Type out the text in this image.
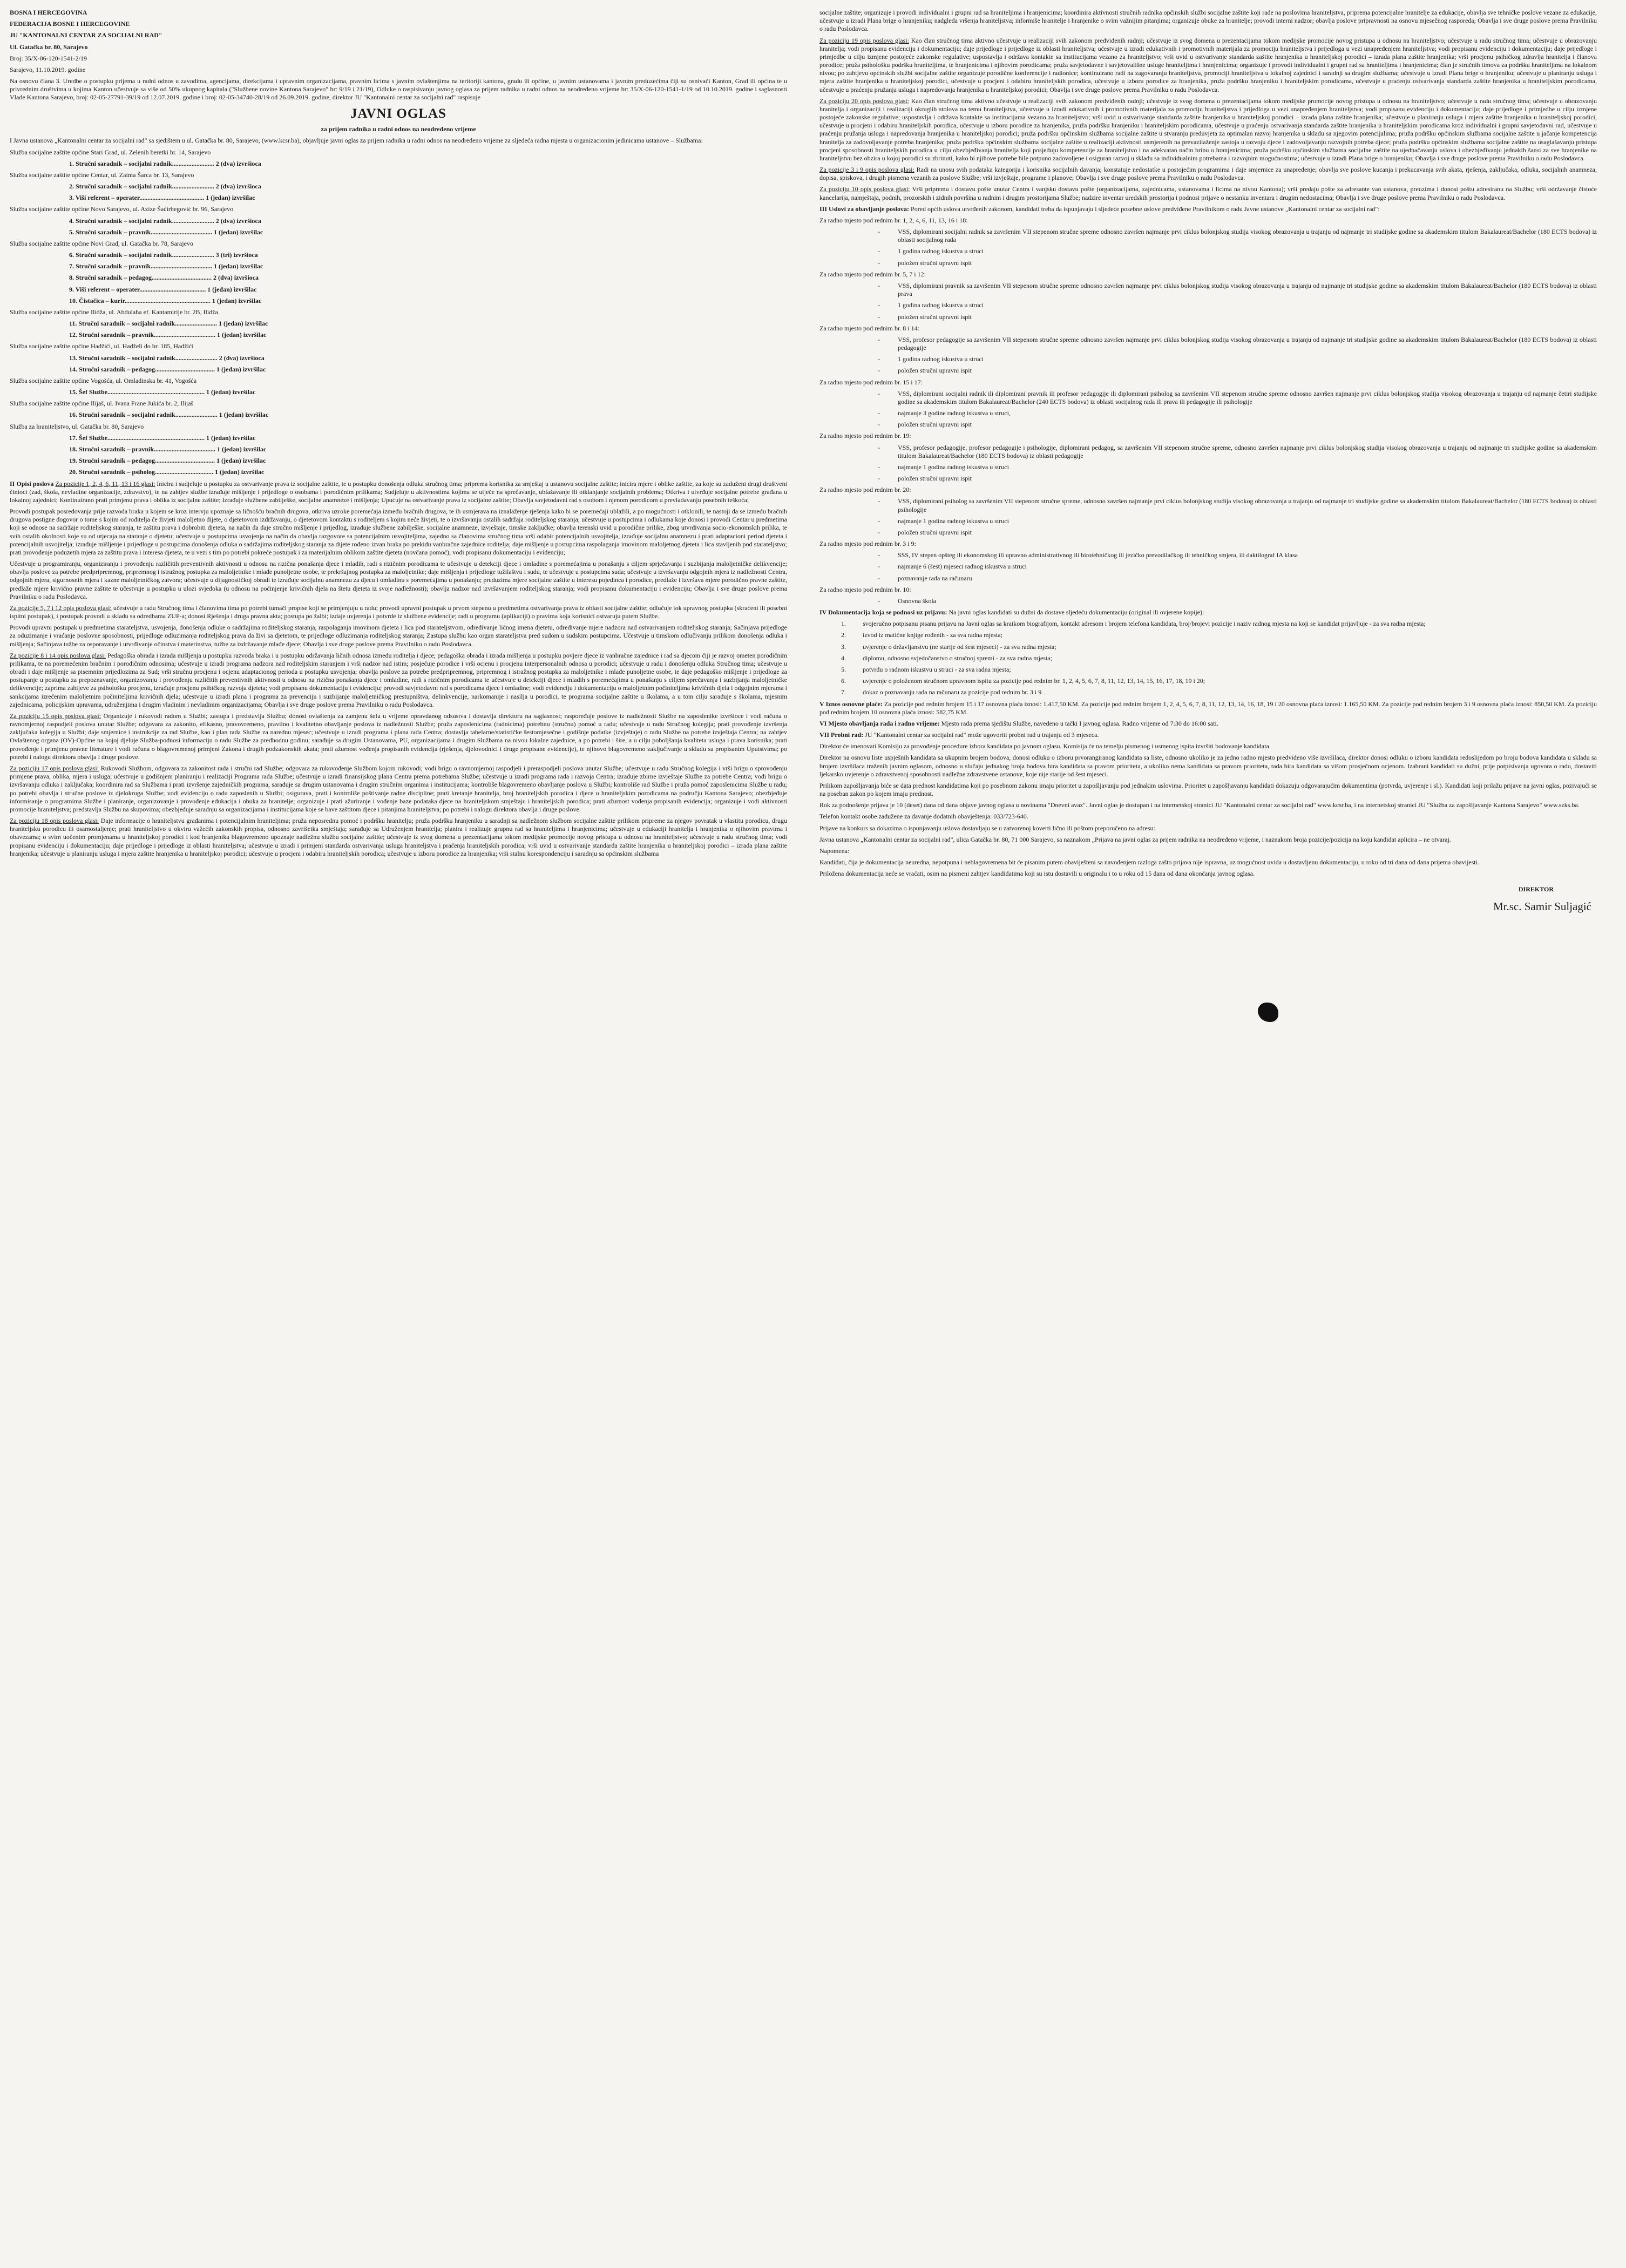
BOSNA I HERCEGOVINA

FEDERACIJA BOSNE I HERCEGOVINE

JU "KANTONALNI CENTAR ZA SOCIJALNI RAD"

Ul. Gatačka br. 80, Sarajevo

Broj: 35/X-06-120-1541-2/19

Sarajevo, 11.10.2019. godine

Na osnovu člana 3. Uredbe o postupku prijema u radni odnos u zavodima, agencijama, direkcijama i upravnim organizacijama, pravnim licima s javnim ovlaštenjima na teritoriji kantona, gradu ili općine, u javnim ustanovama i javnim preduzećima čiji su osnivači Kanton, Grad ili općina te u privrednim društvima u kojima Kanton učestvuje sa više od 50% ukupnog kapitala ("Službene novine Kantona Sarajevo" br: 9/19 i 21/19), Odluke o raspisivanju javnog oglasa za prijem radnika u radni odnos na neodređeno vrijeme br: 35/X-06-120-1541-1/19 od 10.10.2019. godine i saglasnosti Vlade Kantona Sarajevo, broj: 02-05-27791-39/19 od 12.07.2019. godine i broj: 02-05-34740-28/19 od 26.09.2019. godine, direktor JU "Kantonalni centar za socijalni rad" raspisuje

JAVNI OGLAS

za prijem radnika u radni odnos na neodređeno vrijeme

I Javna ustanova „Kantonalni centar za socijalni rad" sa sjedištem u ul. Gatačka br. 80, Sarajevo, (www.kcsr.ba), objavljuje javni oglas za prijem radnika u radni odnos na neodređeno vrijeme za sljedeća radna mjesta u organizacionim jedinicama ustanove – Službama:

Služba socijalne zaštite općine Stari Grad, ul. Zelenih beretki br. 14, Sarajevo

1. Stručni saradnik – socijalni radnik.......................... 2 (dva) izvršioca

Služba socijalne zaštite općine Centar, ul. Zaima Šarca br. 13, Sarajevo

2. Stručni saradnik – socijalni radnik.......................... 2 (dva) izvršioca

3. Viši referent – operater........................................ 1 (jedan) izvršilac

Služba socijalne zaštite općine Novo Sarajevo, ul. Azize Šaćirbegović br. 96, Sarajevo

4. Stručni saradnik – socijalni radnik.......................... 2 (dva) izvršioca

5. Stručni saradnik – pravnik...................................... 1 (jedan) izvršilac

Služba socijalne zaštite općine Novi Grad, ul. Gatačka br. 78, Sarajevo

6. Stručni saradnik – socijalni radnik.......................... 3 (tri) izvršioca

7. Stručni saradnik – pravnik...................................... 1 (jedan) izvršilac

8. Stručni saradnik – pedagog..................................... 2 (dva) izvršioca

9. Viši referent – operater......................................... 1 (jedan) izvršilac

10. Čistačica – kurir..................................................... 1 (jedan) izvršilac

Služba socijalne zaštite općine Ilidža, ul. Abdulaha ef. Kantamirije br. 2B, Ilidža

11. Stručni saradnik – socijalni radnik.......................... 1 (jedan) izvršilac

12. Stručni saradnik – pravnik...................................... 1 (jedan) izvršilac

Služba socijalne zaštite općine Hadžići, ul. Hadželi do br. 185, Hadžići

13. Stručni saradnik – socijalni radnik.......................... 2 (dva) izvršioca

14. Stručni saradnik – pedagog..................................... 1 (jedan) izvršilac

Služba socijalne zaštite općine Vogošća, ul. Omladinska br. 41, Vogošća

15. Šef Službe............................................................ 1 (jedan) izvršilac

Služba socijalne zaštite općine Ilijaš, ul. Ivana Frane Jukića br. 2, Ilijaš

16. Stručni saradnik – socijalni radnik.......................... 1 (jedan) izvršilac

Služba za hraniteljstvo, ul. Gatačka br. 80, Sarajevo

17. Šef Službe............................................................ 1 (jedan) izvršilac

18. Stručni saradnik – pravnik...................................... 1 (jedan) izvršilac

19. Stručni saradnik – pedagog..................................... 1 (jedan) izvršilac

20. Stručni saradnik – psiholog.................................... 1 (jedan) izvršilac

II Opisi poslova Za pozicije 1, 2, 4, 6, 11, 13 i 16 glasi: Inicira i sudjeluje u postupku za ostvarivanje prava iz socijalne zaštite, te u postupku donošenja odluka stručnog tima; priprema korisnika za smještaj u ustanovu socijalne zaštite; inicira mjere i oblike zaštite, za koje su zaduženi drugi društveni činioci (zad, škola, nevladine organizacije, zdravstvo), te na zahtjev službe izrađuje mišljenje i prijedloge o osobama i porodičnim prilikama; Sudjeluje u aktivnostima kojima se utječe na sprečavanje, ublažavanje ili otklanjanje socijalnih problema; Otkriva i utvrđuje socijalne potrebe građana u lokalnoj zajednici; Kontinuirano prati primjenu prava i oblika iz socijalne zaštite; Izrađuje službene zabilješke, socijalne anamneze i mišljenja; Upućuje na ostvarivanje prava iz socijalne zaštite; Obavlja savjetodavni rad s osobom i njenom porodicom u prevladavanju posebnih teškoća;

Provodi postupak posredovanja prije razvoda braka u kojem se kroz intervju upoznaje sa ličnošću bračnih drugova, otkriva uzroke poremećaja između bračnih drugova, te ih usmjerava na iznalaženje rješenja kako bi se poremećaji ublažili, a po mogućnosti i otklonili, te nastoji da se između bračnih drugova postigne dogovor o tome s kojim od roditelja će živjeti maloljetno dijete, o djetetovom izdržavanju, o djetetovom kontaktu s roditeljem s kojim neće živjeti, te o izvršavanju ostalih sadržaja roditeljskog staranja; učestvuje u postupcima i odlukama koje donosi i provodi Centar u predmetima koji se odnose na sadržaje roditeljskog staranja, te zaštitu prava i dobrobiti djeteta, na način da daje stručno mišljenje i prijedlog, izrađuje službene zabilješke, socijalne anamneze, izvještaje, timske zaključke; obavlja terenski uvid u porodične prilike, zbog utvrđivanja socio-ekonomskih prilika, te svih ostalih okolnosti koje su od utjecaja na staranje o djetetu; učestvuje u postupcima usvojenja na način da obavlja razgovore sa potencijalnim usvojiteljima, zajedno sa članovima stručnog tima vrši odabir potencijalnih usvojitelja, izrađuje socijalnu anamnezu i prati adaptacioni period djeteta i potencijalnih usvojitelja; izrađuje mišljenje i prijedloge u postupcima donošenja odluka o sadržajima roditeljskog staranja za dijete rođeno izvan braka po prekidu vanbračne zajednice roditelja; daje mišljenje u postupcima raspolaganja imovinom maloljetnog djeteta i lica stavljenih pod starateljstvo; prati provođenje poduzetih mjera za zaštitu prava i interesa djeteta, te u vezi s tim po potrebi pokreće postupak i za materijalnim oblikom zaštite djeteta (novčana pomoć); vodi propisanu dokumentaciju i evidenciju;

Učestvuje u programiranju, organiziranju i provođenju različitih preventivnih aktivnosti u odnosu na rizična ponašanja djece i mladih, radi s rizičnim porodicama te učestvuje u detekciji djece i omladine s poremećajima u ponašanju s ciljem sprječavanja i suzbijanja maloljetničke delikvencije; obavlja poslove za potrebe predpripremnog, pripremnog i istražnog postupka za maloljetnike i mlađe punoljetne osobe, te prekršajnog postupka za maloljetnike; daje mišljenja i prijedloge tužilaštvu i sudu, te učestvuje u postupcima suda; učestvuje u izvršavanju odgojnih mjera iz nadležnosti Centra, odgojnih mjera, sigurnosnih mjera i kazne maloljetničkog zatvora; učestvuje u dijagnostičkoj obradi te izrađuje socijalnu anamnezu za djecu i omladinu s poremećajima u ponašanju; preduzima mjere socijalne zaštite u interesu pojedinca i porodice, predlaže i izvršava mjere porodično pravne zaštite, predlaže mjere krivično pravne zaštite te učestvuje u postupku u ulozi svjedoka (u odnosu na počinjenje krivičnih djela na štetu djeteta iz svoje nadležnosti); obavlja nadzor nad izvršavanjem roditeljskog staranja; vodi propisanu dokumentaciju i evidenciju; Obavlja i sve druge poslove prema Pravilniku o radu Poslodavca.

Za pozicije 5, 7 i 12 opis poslova glasi: učestvuje u radu Stručnog tima i članovima tima po potrebi tumači propise koji se primjenjuju u radu; provodi upravni postupak u prvom stepenu u predmetima ostvarivanja prava iz oblasti socijalne zaštite; odlučuje tok upravnog postupka (skraćeni ili posebni ispitni postupak), i postupak provodi u skladu sa odredbama ZUP-a; donosi Rješenja i druga pravna akta; postupa po žalbi; izdaje uvjerenja i potvrde iz službene evidencije; radi u programu (aplikaciji) o pravima koja korisnici ostvaruju putem Službe.

Provodi upravni postupak u predmetima starateljstva, usvojenja, donošenja odluke o sadržajima roditeljskog staranja, raspolaganja imovinom djeteta i lica pod starateljstvom, određivanje ličnog imena djetetu, određivanje mjere nadzora nad ostvarivanjem roditeljskog staranja; Sačinjava prijedloge za oduzimanje i vraćanje poslovne sposobnosti, prijedloge odluzimanja roditeljskog prava da živi sa djetetom, te prijedloge odluzimanja roditeljskog staranja; Zastupa službu kao organ starateljstva pred sudom u sudskim postupcima. Učestvuje u timskom odlučivanju prilikom donošenja odluka i mišljenja; Sačinjava tužbe za osporavanje i utvrđivanje očinstva i materinstva, tužbe za izdržavanje mlađe djece; Obavlja i sve druge poslove prema Pravilniku o radu Poslodavca.

Za pozicije 8 i 14 opis poslova glasi: Pedagoška obrada i izrada mišljenja u postupku razvoda braka i u postupku održavanja ličnih odnosa između roditelja i djece; pedagoška obrada i izrada mišljenja u postupku povjere djece iz vanbračne zajednice i rad sa djecom čiji je razvoj ometen porodičnim prilikama, te na poremećenim bračnim i porodičnim odnosima; učestvuje u izradi programa nadzora nad roditeljskim staranjem i vrši nadzor nad istim; posjećuje porodice i vrši ocjenu i procjenu interpersonalnih odnosa u porodici; učestvuje u radu i donošenju odluka Stručnog tima; učestvuje u obradi i daje mišljenje sa pisemnim prijedlozima za Sud; vrši stručnu procjenu i ocjenu adaptacionog perioda u postupku usvojenja; obavlja poslove za potrebe predpripremnog, pripremnog i istražnog postupka za maloljetnike i mlađe punoljetne osobe, te daje pedagoško mišljenje i prijedloge za postupanje u postupku za prepoznavanje, organizovanju i provođenju različitih preventivnih aktivnosti u odnosu na rizična ponašanja djece i omladine, radi s rizičnim porodicama te učestvuje u detekciji djece i mladih s poremećajima u ponašanju s ciljem sprečavanja i suzbijanja maloljetničke delikvencije; zaprima zahtjeve za psihološku procjenu, izrađuje procjenu psihičkog razvoja djeteta; vodi propisanu dokumentaciju i evidenciju; provodi savjetodavni rad s porodicama djece i omladine; vodi evidenciju i dokumentaciju o maloljetnim počiniteljima krivičnih djela i odgojnim mjerama i sankcijama izrečenim maloljetnim počiniteljima krivičnih djela; učestvuje u izradi plana i programa za prevenciju i suzbijanje maloljetničkog prestupništva, delinkvencije, narkomanije i nasilja u porodici, te programa socijalne zaštite u školama, a u tom cilju sarađuje s školama, mjesnim zajednicama, policijskim upravama, udruženjima i drugim vladinim i nevladinim organizacijama; Obavlja i sve druge poslove prema Pravilniku o radu Poslodavca.

Za poziciju 15 opis poslova glasi: Organizuje i rukovodi radom u Službi; zastupa i predstavlja Službu; donosi ovlaštenja za zamjenu šefa u vrijeme opravdanog odsustva i dostavlja direktoru na saglasnost; raspoređuje poslove iz nadležnosti Službe na zaposlenike izvršioce i vodi računa o ravnomjernoj raspodjeli poslova unutar Službe; odgovara za zakonito, efikasno, pravovremeno, pravilno i kvalitetno obavljanje poslova iz nadležnosti Službe; pruža zaposlenicima (radnicima) potrebnu (stručnu) pomoć u radu; učestvuje u radu Stručnog kolegija; prati provođenje izvršenja zaključaka kolegija u Službi; daje smjernice i instrukcije za rad Službe, kao i plan rada Službe za narednu mjesec; učestvuje u izradi programa i plana rada Centra; dostavlja tabelarne/statističke šestomjesečne i godišnje podatke (izvještaje) o radu Službe na potrebe izvještaja Centra; na zahtjev Ovlaštenog organa (OV)-Općine na kojoj djeluje Služba-podnosi informaciju o radu Službe za predhodnu godinu; sarađuje sa drugim Ustanovama, PU, organizacijama i drugim Službama na nivou lokalne zajednice, a po potrebi i šire, a u cilju poboljšanja kvaliteta usluga i prava korisnika; prati provođenje i primjenu pravne literature i vodi računa o blagovremenoj primjeni Zakona i drugih podzakonskih akata; prati ažurnost vođenja propisanih evidencija (rješenja, djelovodnici i druge propisane evidencije), te njihovo blagovremeno zaključivanje u skladu sa propisanim Uputstvima; po potrebi i nalogu direktora obavlja i druge poslove.

Za poziciju 17 opis poslova glasi: Rukovodi Službom, odgovara za zakonitost rada i stručni rad Službe; odgovara za rukovođenje Službom kojom rukovodi; vodi brigu o ravnomjernoj raspodjeli i preraspodjeli poslova unutar Službe; učestvuje u radu Stručnog kolegija i vrši brigu o sprovođenju primjene prava, oblika, mjera i usluga; učestvuje u godišnjem planiranju i realizaciji Programa rada Službe; učestvuje u izradi finansijskog plana Centra prema potrebama Službe; učestvuje u izradi programa rada i razvoja Centra; izrađuje zbirne izvještaje Službe za potrebe Centra; vodi brigu o izvršavanju odluka i zaključaka; koordinira rad sa Službama i prati izvršenje zajedničkih programa, sarađuje sa drugim ustanovama i drugim stručnim organima i institucijama; kontroliše blagovremeno obavljanje poslova u Službi; kontroliše rad Službe i pruža pomoć zaposlenicima Službe u radu; po potrebi obavlja i stručne poslove iz djelokruga Službe; vodi evidenciju o radu zaposlenih u Službi; osigurava, prati i kontroliše poštivanje radne discipline; prati kretanje hranitelja, broj hraniteljskih porodica i djece u hraniteljskim porodicama na području Kantona Sarajevo; obezbjeđuje informisanje o programima Službe i planiranje, organizovanje i provođenje edukacija i obuka za hranitelje; organizuje i prati ažuriranje i vođenje baze podataka djece na hraniteljskom smještaju i hraniteljskih porodica; prati ažurnost vođenja propisanih evidencija; organizuje i vodi aktivnosti promocije hraniteljstva; predstavlja Službu na skupovima; obezbjeđuje saradnju sa organizacijama i institucijama koje se bave zaštitom djece i pitanjima hraniteljstva; po potrebi i nalogu direktora obavlja i druge poslove.

Za poziciju 18 opis poslova glasi: Daje informacije o hraniteljstvu građanima i potencijalnim hraniteljima; pruža neposrednu pomoć i podršku hranitelju; pruža podršku hranjeniku u saradnji sa nadležnom službom socijalne zaštite prilikom pripreme za njegov povratak u vlastitu porodicu, drugu hraniteljsku porodicu ili osamostaljenje; prati hraniteljstvo u okviru važećih zakonskih propisa, odnosno zavrišetka smještaja; sarađuje sa Udruženjem hranitelja; planira i realizuje grupnu rad sa hraniteljima i hranjenicima; učestvuje u edukaciji hranitelja i hranjenika o njihovim pravima i obavezama; o svim uočenim promjenama u hraniteljskoj porodici i kod hranjenika blagovremeno upoznaje nadležnu službu socijalne zaštite; učestvuje iz svog domena u prezentacijama tokom medijske promocije novog pristupa u odnosu na hraniteljstvo; učestvuje u radu stručnog tima; vodi propisanu evidenciju i dokumentaciju; daje prijedloge i prijedloge iz oblasti hraniteljstva; učestvuje u izradi i primjeni standarda ostvarivanja usluga hraniteljstva i praćenja hraniteljskih porodica; vrši uvid u ostvarivanje standarda zaštite hranjenika u hraniteljskoj porodici – izrada plana zaštite hranjenika; učestvuje u planiranju usluga i mjera zaštite hranjenika u hraniteljskoj porodici; učestvuje u procjeni i odabiru hraniteljskih porodica; učestvuje u izboru porodice za hranjenika; vrši stalnu korespondenciju i saradnju sa općinskim službama

socijalne zaštite; organizuje i provodi individualni i grupni rad sa hraniteljima i hranjenicima; koordinira aktivnosti stručnih radnika općinskih službi socijalne zaštite koji rade na poslovima hraniteljstva, priprema potencijalne hranitelje za edukacije, obavlja sve tehničke poslove vezane za edukacije, učestvuje u izradi Plana brige o hranjeniku; nadgleda vršenja hraniteljstva; informiše hranitelje i hranjenike o svim važnijim pitanjima; organizuje obuke za hranitelje; provodi interni nadzor; obavlja poslove pripravnosti na osnovu mjesečnog rasporeda; Obavlja i sve druge poslove prema Pravilniku o radu Poslodavca.

Za poziciju 19 opis poslova glasi: Kao član stručnog tima aktivno učestvuje u realizaciji svih zakonom predviđenih radnji; učestvuje iz svog domena u prezentacijama tokom medijske promocije novog pristupa u odnosu na hraniteljstvo; učestvuje u radu stručnog tima; učestvuje u obrazovanju hranitelja; vodi propisanu evidenciju i dokumentaciju; daje prijedloge i prijedloge iz oblasti hraniteljstva; učestvuje u izradi edukativnih i promotivnih materijala za promociju hraniteljstva i prijedloga u vezi unapređenjem hraniteljstva; vodi propisanu evidenciju i dokumentaciju; daje prijedloge i primjedbe u cilju izmjene postojeće zakonske regulative; uspostavlja i održava kontakte sa institucijama vezano za hraniteljstvo; vrši uvid u ostvarivanje standarda zaštite hranjenika u hraniteljskoj porodici – izrada plana zaštite hranjenika; vrši procjenu psihičkog zdravlja hranitelja i članova porodice; pruža psihološku podršku hraniteljima, te hranjenicima i njihovim porodicama; pruža savjetodavne i savjetovališne usluge hraniteljima i hranjenicima; organizuje i provodi individualni i grupni rad sa hraniteljima i hranjenicima; član je stručnih timova za podršku hraniteljima na lokalnom nivou; po zahtjevu općinskih službi socijalne zaštite organizuje porodične konferencije i radionice; kontinuirano radi na zagovaranju hraniteljstva, promociji hraniteljstva u lokalnoj zajednici i saradnji sa drugim službama; učestvuje u izradi Plana brige o hranjeniku; učestvuje u planiranju usluga i mjera zaštite hranjenika u hraniteljskoj porodici, učestvuje u procjeni i odabiru hraniteljskih porodica, učestvuje u izboru porodice za hranjenika, pruža podršku hranjeniku i hraniteljskim porodicama, učestvuje u praćenju ostvarivanja standarda zaštite hranjenika u hraniteljskim porodicama, učestvuje u praćenju pružanja usluga i napredovanja hranjenika u hraniteljskoj porodici; Obavlja i sve druge poslove prema Pravilniku o radu Poslodavca.

Za poziciju 20 opis poslova glasi: Kao član stručnog tima aktivno učestvuje u realizaciji svih zakonom predviđenih radnji; učestvuje iz svog domena u prezentacijama tokom medijske promocije novog pristupa u odnosu na hraniteljstvo; učestvuje u radu stručnog tima; učestvuje u obrazovanju hranitelja i organizaciji i realizaciji okruglih stolova na temu hraniteljstva, učestvuje u izradi edukativnih i promotivnih materijala za promociju hraniteljstva i prijedloga u vezi unapređenjem hraniteljstva; vodi propisanu evidenciju i dokumentaciju; daje prijedloge i primjedbe u cilju izmjene postojeće zakonske regulative; uspostavlja i održava kontakte sa institucijama vezano za hraniteljstvo; vrši uvid u ostvarivanje standarda zaštite hranjenika u hraniteljskoj porodici – izrada plana zaštite hranjenika; učestvuje u planiranju usluga i mjera zaštite hranjenika u hraniteljskoj porodici, učestvuje u procjeni i odabiru hraniteljskih porodica, učestvuje u izboru porodice za hranjenika, pruža podršku hranjeniku i hraniteljskim porodicama, učestvuje u praćenju ostvarivanja standarda zaštite hranjenika u hraniteljskim porodicama kroz individualni i grupni savjetodavni rad, učestvuje u praćenju pružanja usluga i napredovanja hranjenika u hraniteljskoj porodici; pruža podršku općinskim službama socijalne zaštite u stvaranju preduvjeta za optimalan razvoj hranjenika u skladu sa njegovim potencijalima; pruža podršku općinskim službama socijalne zaštite u jačanje kompetencija hranitelja za zadovoljavanje potreba hranjenika; pruža podršku općinskim službama socijalne zaštite u realizaciji aktivnosti usmjerenih na prevazilaženje zastoja u razvoju djece i zadovoljavanju razvojnih potreba djece; pruža podršku općinskim službama socijalne zaštite na usaglašavanju pristupa procjeni sposobnosti hraniteljskih porodica u cilju obezbjeđivanja hranitelja koji posjeduju kompetencije za hraniteljstvo i na adekvatan način brinu o hranjenicima; pruža podršku općinskim službama socijalne zaštite na ujednačavanju uslova i obezbjeđivanju jednakih šansi za sve hranjenike na hraniteljstvu bez obzira u kojoj porodici su zbrinuti, kako bi njihove potrebe bile potpuno zadovoljene i osiguran razvoj u skladu sa individualnim potrebama i razvojnim mogućnostima; učestvuje u izradi Plana brige o hranjeniku; Obavlja i sve druge poslove prema Pravilniku o radu Poslodavca.

Za pozicije 3 i 9 opis poslova glasi: Radi na unosu svih podataka kategorija i korisnika socijalnih davanja; konstatuje nedostatke u postojećim programima i daje smjernice za unapređenje; obavlja sve poslove kucanja i prekucavanja svih akata, rješenja, zaključaka, odluka, socijalnih anamneza, dopisa, spiskova, i drugih pismena vezanih za poslove Službe; vrši izvještaje, programe i planove; Obavlja i sve druge poslove prema Pravilniku o radu Poslodavca.

Za poziciju 10 opis poslova glasi: Vrši pripremu i dostavu pošte unutar Centra i vanjsku dostavu pošte (organizacijama, zajednicama, ustanovama i licima na nivou Kantona); vrši predaju pošte za adresante van ustanova, preuzima i donosi poštu adresiranu na Službu; vrši održavanje čistoće kancelarija, namještaja, podnih, prozorskih i zidnih površina u radnim i drugim prostorijama Službe; nadzire inventar uredskih prostorija i podnosi prijave o nestanku inventara i drugim nedostacima; Obavlja i sve druge poslove prema Pravilniku o radu Poslodavca.

III Uslovi za obavljanje poslova: Pored općih uslova utvrđenih zakonom, kandidati treba da ispunjavaju i sljedeće posebne uslove predviđene Pravilnikom o radu Javne ustanove „Kantonalni centar za socijalni rad":

Za radno mjesto pod rednim br. 1, 2, 4, 6, 11, 13, 16 i 18:

- VSS, diplomirani socijalni radnik sa završenim VII stepenom stručne spreme odnosno završen najmanje prvi ciklus bolonjskog studija visokog obrazovanja u trajanju od najmanje tri studijske godine sa akademskim titulom Bakalaureat/Bachelor (180 ECTS bodova) iz oblasti socijalnog rada

- 1 godina radnog iskustva u struci

- položen stručni upravni ispit

Za radno mjesto pod rednim br. 5, 7 i 12:

- VSS, diplomirani pravnik sa završenim VII stepenom stručne spreme odnosno završen najmanje prvi ciklus bolonjskog studija visokog obrazovanja u trajanju od najmanje tri studijske godine sa akademskim titulom Bakalaureat/Bachelor (180 ECTS bodova) iz oblasti prava

- 1 godina radnog iskustva u struci

- položen stručni upravni ispit

Za radno mjesto pod rednim br. 8 i 14:

- VSS, profesor pedagogije sa završenim VII stepenom stručne spreme odnosno završen najmanje prvi ciklus bolonjskog studija visokog obrazovanja u trajanju od najmanje tri studijske godine sa akademskim titulom Bakalaureat/Bachelor (180 ECTS bodova) iz oblasti pedagogije

- 1 godina radnog iskustva u struci

- položen stručni upravni ispit

Za radno mjesto pod rednim br. 15 i 17:

- VSS, diplomirani socijalni radnik ili diplomirani pravnik ili profesor pedagogije ili diplomirani psiholog sa završenim VII stepenom stručne spreme odnosno završen najmanje prvi ciklus bolonjskog studija visokog obrazovanja u trajanju od najmanje četiri studijske godine sa akademskim titulom Bakalaureat/Bachelor (240 ECTS bodova) iz oblasti socijalnog rada ili prava ili pedagogije ili psihologije

- najmanje 3 godine radnog iskustva u struci,

- položen stručni upravni ispit

Za radno mjesto pod rednim br. 19:

- VSS, profesor pedagogije, profesor pedagogije i psihologije, diplomirani pedagog, sa završenim VII stepenom stručne spreme, odnosno završen najmanje prvi ciklus bolonjskog studija visokog obrazovanja u trajanju od najmanje tri studijske godine sa akademskim titulom Bakalaureat/Bachelor (180 ECTS bodova) iz oblasti pedagogije

- najmanje 1 godina radnog iskustva u struci

- položen stručni upravni ispit

Za radno mjesto pod rednim br. 20:

- VSS, diplomirani psiholog sa završenim VII stepenom stručne spreme, odnosno završen najmanje prvi ciklus bolonjskog studija visokog obrazovanja u trajanju od najmanje tri studijske godine sa akademskim titulom Bakalaureat/Bachelor (180 ECTS bodova) iz oblasti psihologije

- najmanje 1 godina radnog iskustva u struci

- položen stručni upravni ispit

Za radno mjesto pod rednim br. 3 i 9:

- SSS, IV stepen opšteg ili ekonomskog ili upravno administrativnog ili birotehničkog ili jezičko prevodilačkog ili tehničkog smjera, ili daktilograf IA klasa

- najmanje 6 (šest) mjeseci radnog iskustva u struci

- poznavanje rada na računaru

Za radno mjesto pod rednim br. 10:

- Osnovna škola

IV Dokumentacija koja se podnosi uz prijavu: Na javni oglas kandidati su dužni da dostave sljedeću dokumentaciju (original ili ovjerene kopije):

1.	svojeručno potpisanu pisanu prijavu na Javni oglas sa kratkom biografijom, kontakt adresom i brojem telefona kandidata, broj/brojevi pozicije i naziv radnog mjesta na koji se kandidat prijavljuje - za sva radna mjesta;

2.	izvod iz matične knjige rođenih - za sva radna mjesta;

3.	uvjerenje o državljanstvu (ne starije od šest mjeseci) - za sva radna mjesta;

4.	diplomu, odnosno svjedočanstvo o stručnoj spremi - za sva radna mjesta;

5.	potvrdu o radnom iskustvu u struci - za sva radna mjesta;

6.	uvjerenje o položenom stručnom upravnom ispitu za pozicije pod rednim br. 1, 2, 4, 5, 6, 7, 8, 11, 12, 13, 14, 15, 16, 17, 18, 19 i 20;

7.	dokaz o poznavanju rada na računaru za pozicije pod rednim br. 3 i 9.

V Iznos osnovne plaće: Za pozicije pod rednim brojem 15 i 17 osnovna plaća iznosi: 1.417,50 KM. Za pozicije pod rednim brojem 1, 2, 4, 5, 6, 7, 8, 11, 12, 13, 14, 16, 18, 19 i 20 osnovna plaća iznosi: 1.165,50 KM. Za pozicije pod rednim brojem 3 i 9 osnovna plaća iznosi: 850,50 KM. Za poziciju pod rednim brojem 10 osnovna plaća iznosi: 582,75 KM.

VI Mjesto obavljanja rada i radno vrijeme: Mjesto rada prema sjedištu Službe, navedeno u tački I javnog oglasa. Radno vrijeme od 7:30 do 16:00 sati.

VII Probni rad: JU "Kantonalni centar za socijalni rad" može ugovoriti probni rad u trajanju od 3 mjeseca.

Direktor će imenovati Komisiju za provođenje procedure izbora kandidata po javnom oglasu. Komisija će na temelju pismenog i usmenog ispita izvršiti bodovanje kandidata.

Direktor na osnovu liste uspješnih kandidata sa ukupnim brojem bodova, donosi odluku o izboru prvorangiranog kandidata sa liste, odnosno ukoliko je za jedno radno mjesto predviđeno više izvršilaca, direktor donosi odluku o izboru kandidata redoslijedom po broju bodova kandidata u skladu sa brojem izvršilaca traženih javnim oglasom, odnosno u slučaju jednakog broja bodova bira kandidata sa pravom prioriteta, a ukoliko nema kandidata sa pravom prioriteta, tada bira kandidata sa višom prosječnom ocjenom. Izabrani kandidati su dužni, prije potpisivanja ugovora o radu, dostaviti ljekarsko uvjerenje o zdravstvenoj sposobnosti nadležne zdravstvene ustanove, koje nije starije od šest mjeseci.

Prilikom zapošljavanja biće se data prednost kandidatima koji po posebnom zakonu imaju prioritet u zapošljavanju pod jednakim uslovima. Prioritet u zapošljavanju kandidati dokazuju odgovarajućim dokumentima (potvrda, uvjerenje i sl.). Kandidati koji prilažu prijave na javni oglas, pozivajući se na poseban zakon po kojem imaju prednost.

Rok za podnošenje prijava je 10 (deset) dana od dana objave javnog oglasa u novinama "Dnevni avaz". Javni oglas je dostupan i na internetskoj stranici JU "Kantonalni centar za socijalni rad" www.kcsr.ba, i na internetskoj stranici JU "Služba za zapošljavanje Kantona Sarajevo" www.szks.ba.

Telefon kontakt osobe zadužene za davanje dodatnih obavještenja: 033/723-640.

Prijave na konkurs sa dokazima o ispunjavanju uslova dostavljaju se u zatvorenoj koverti lično ili poštom preporučeno na adresu:

Javna ustanova „Kantonalni centar za socijalni rad", ulica Gatačka br. 80, 71 000 Sarajevo, sa naznakom „Prijava na javni oglas za prijem radnika na neodređeno vrijeme, i naznakom broja pozicije/pozicija na koju kandidat aplicira – ne otvaraj.

Napomena:

Kandidati, čija je dokumentacija neuredna, nepotpuna i neblagovremena bit će pisanim putem obaviješteni sa navođenjem razloga zašto prijava nije ispravna, uz mogućnost uvida u dostavljenu dokumentaciju, u roku od tri dana od dana prijema obavijesti.

Priložena dokumentacija neće se vraćati, osim na pismeni zahtjev kandidatima koji su istu dostavili u originalu i to u roku od 15 dana od dana okončanja javnog oglasa.

DIREKTOR
Mr.sc. Samir Suljagić
